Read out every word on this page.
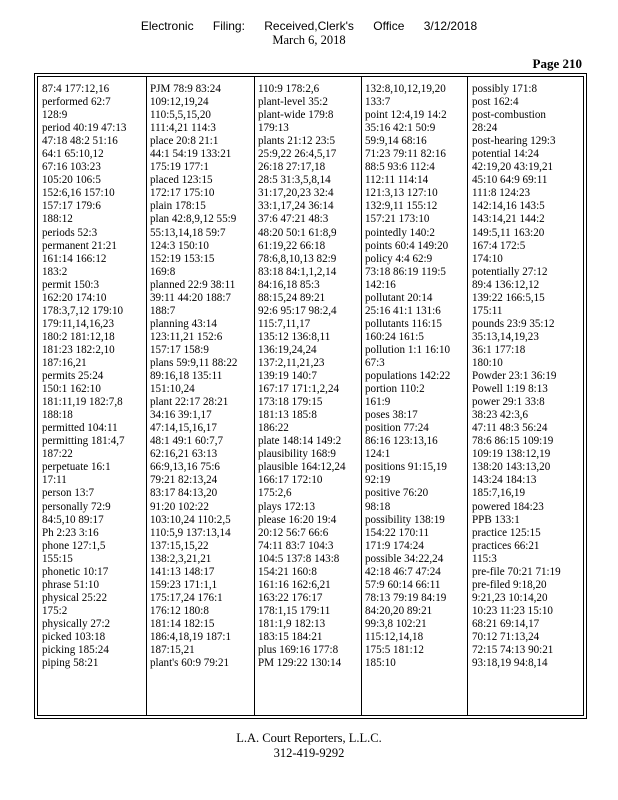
Electronic Filing: Received,Clerk's Office 3/12/2018
March 6, 2018
Page 210
87:4 177:12,16
performed 62:7
128:9
period 40:19 47:13
47:18 48:2 51:16
64:1 65:10,12
67:16 103:23
105:20 106:5
152:6,16 157:10
157:17 179:6
188:12
periods 52:3
permanent 21:21
161:14 166:12
183:2
permit 150:3
162:20 174:10
178:3,7,12 179:10
179:11,14,16,23
180:2 181:12,18
181:23 182:2,10
187:16,21
permits 25:24
150:1 162:10
181:11,19 182:7,8
188:18
permitted 104:11
permitting 181:4,7
187:22
perpetuate 16:1
17:11
person 13:7
personally 72:9
84:5,10 89:17
Ph 2:23 3:16
phone 127:1,5
155:15
phonetic 10:17
phrase 51:10
physical 25:22
175:2
physically 27:2
picked 103:18
picking 185:24
piping 58:21
PJM 78:9 83:24
109:12,19,24
110:5,5,15,20
111:4,21 114:3
place 20:8 21:1
44:1 54:19 133:21
175:19 177:1
placed 123:15
172:17 175:10
plain 178:15
plan 42:8,9,12 55:9
55:13,14,18 59:7
124:3 150:10
152:19 153:15
169:8
planned 22:9 38:11
39:11 44:20 188:7
188:7
planning 43:14
123:11,21 152:6
157:17 158:9
plans 59:9,11 88:22
89:16,18 135:11
151:10,24
plant 22:17 28:21
34:16 39:1,17
47:14,15,16,17
48:1 49:1 60:7,7
62:16,21 63:13
66:9,13,16 75:6
79:21 82:13,24
83:17 84:13,20
91:20 102:22
103:10,24 110:2,5
110:5,9 137:13,14
137:15,15,22
138:2,3,21,21
141:13 148:17
159:23 171:1,1
175:17,24 176:1
176:12 180:8
181:14 182:15
186:4,18,19 187:1
187:15,21
plant's 60:9 79:21
110:9 178:2,6
plant-level 35:2
plant-wide 179:8
179:13
plants 21:12 23:5
25:9,22 26:4,5,17
26:18 27:17,18
28:5 31:3,5,8,14
31:17,20,23 32:4
33:1,17,24 36:14
37:6 47:21 48:3
48:20 50:1 61:8,9
61:19,22 66:18
78:6,8,10,13 82:9
83:18 84:1,1,2,14
84:16,18 85:3
88:15,24 89:21
92:6 95:17 98:2,4
115:7,11,17
135:12 136:8,11
136:19,24,24
137:2,11,21,23
139:19 140:7
167:17 171:1,2,24
173:18 179:15
181:13 185:8
186:22
plate 148:14 149:2
plausibility 168:9
plausible 164:12,24
166:17 172:10
175:2,6
plays 172:13
please 16:20 19:4
20:12 56:7 66:6
74:11 83:7 104:3
104:5 137:8 143:8
154:21 160:8
161:16 162:6,21
163:22 176:17
178:1,15 179:11
181:1,9 182:13
183:15 184:21
plus 169:16 177:8
PM 129:22 130:14
132:8,10,12,19,20
133:7
point 12:4,19 14:2
35:16 42:1 50:9
59:9,14 68:16
71:23 79:11 82:16
88:5 93:6 112:4
112:11 114:14
121:3,13 127:10
132:9,11 155:12
157:21 173:10
pointedly 140:2
points 60:4 149:20
policy 4:4 62:9
73:18 86:19 119:5
142:16
pollutant 20:14
25:16 41:1 131:6
pollutants 116:15
160:24 161:5
pollution 1:1 16:10
67:3
populations 142:22
portion 110:2
161:9
poses 38:17
position 77:24
86:16 123:13,16
124:1
positions 91:15,19
92:19
positive 76:20
98:18
possibility 138:19
154:22 170:11
171:9 174:24
possible 34:22,24
42:18 46:7 47:24
57:9 60:14 66:11
78:13 79:19 84:19
84:20,20 89:21
99:3,8 102:21
115:12,14,18
175:5 181:12
185:10
possibly 171:8
post 162:4
post-combustion
28:24
post-hearing 129:3
potential 14:24
42:19,20 43:19,21
45:10 64:9 69:11
111:8 124:23
142:14,16 143:5
143:14,21 144:2
149:5,11 163:20
167:4 172:5
174:10
potentially 27:12
89:4 136:12,12
139:22 166:5,15
175:11
pounds 23:9 35:12
35:13,14,19,23
36:1 177:18
180:10
Powder 23:1 36:19
Powell 1:19 8:13
power 29:1 33:8
38:23 42:3,6
47:11 48:3 56:24
78:6 86:15 109:19
109:19 138:12,19
138:20 143:13,20
143:24 184:13
185:7,16,19
powered 184:23
PPB 133:1
practice 125:15
practices 66:21
115:3
pre-file 70:21 71:19
pre-filed 9:18,20
9:21,23 10:14,20
10:23 11:23 15:10
68:21 69:14,17
70:12 71:13,24
72:15 74:13 90:21
93:18,19 94:8,14
L.A. Court Reporters, L.L.C.
312-419-9292
